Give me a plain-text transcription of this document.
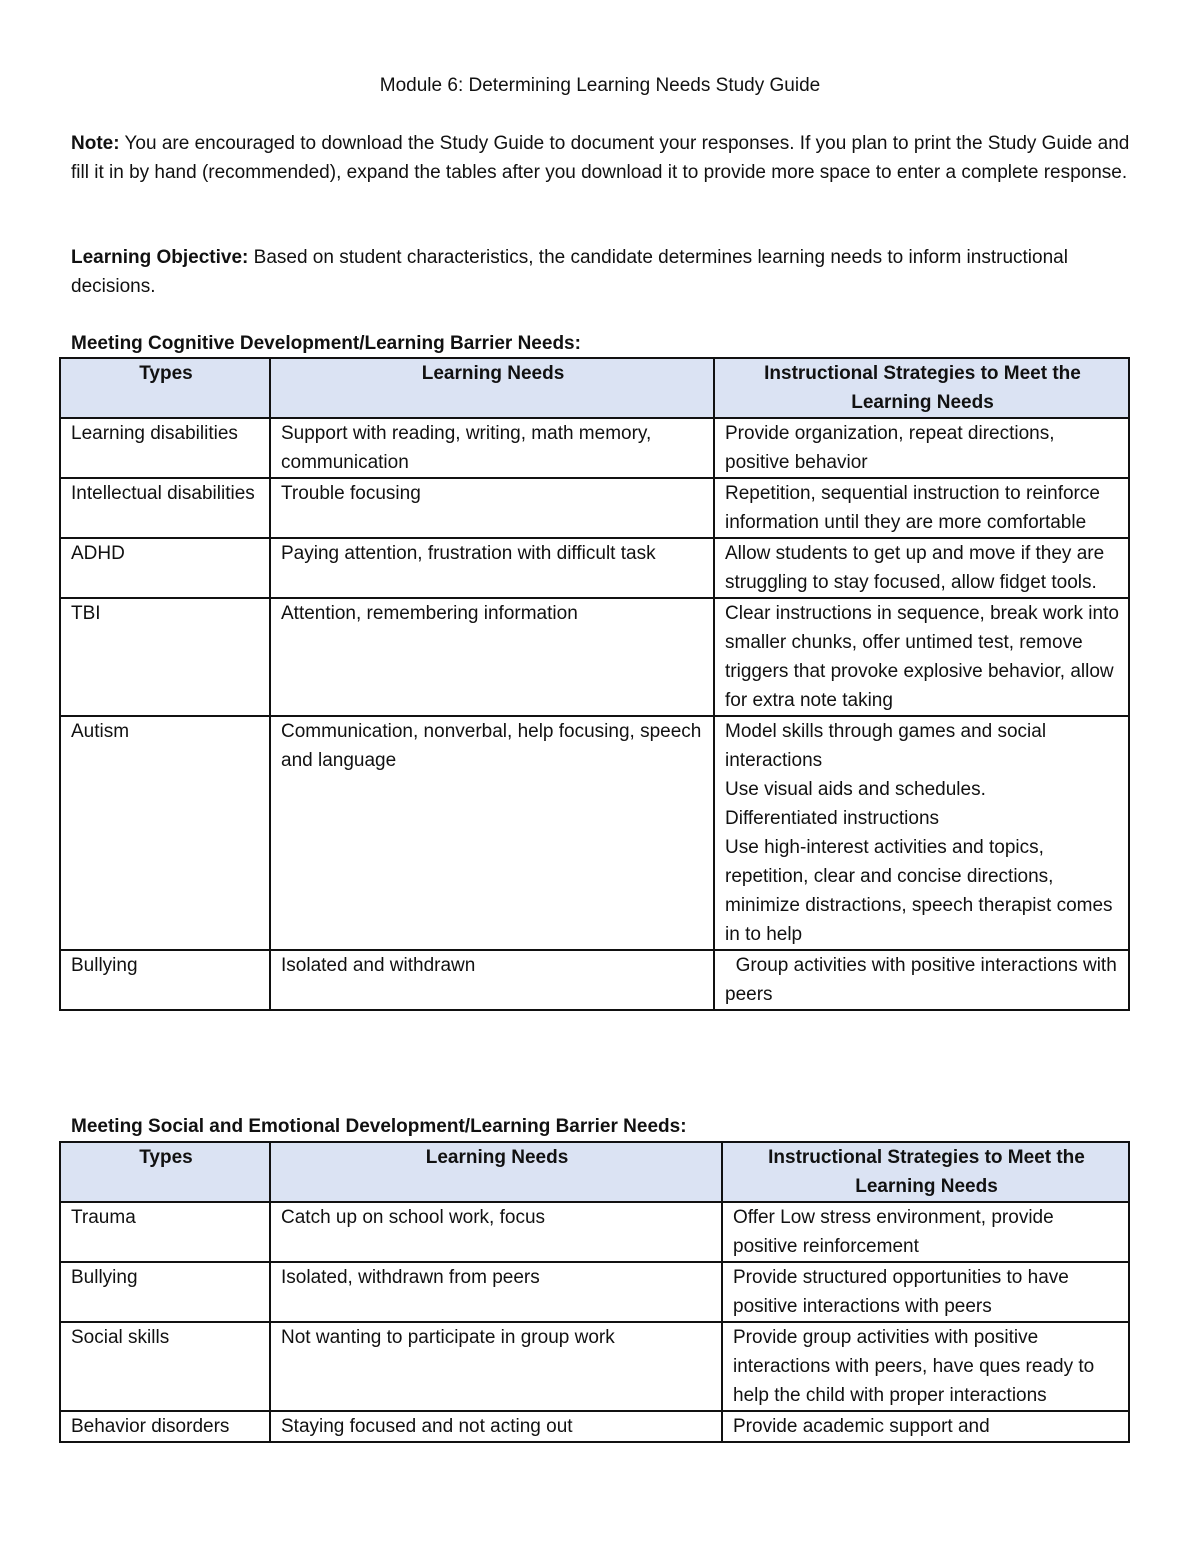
Module 6: Determining Learning Needs Study Guide
Note: You are encouraged to download the Study Guide to document your responses. If you plan to print the Study Guide and fill it in by hand (recommended), expand the tables after you download it to provide more space to enter a complete response.
Learning Objective: Based on student characteristics, the candidate determines learning needs to inform instructional decisions.
Meeting Cognitive Development/Learning Barrier Needs:
Types	Learning Needs	Instructional Strategies to Meet the Learning Needs
Learning disabilities	Support with reading, writing, math memory, communication	Provide organization, repeat directions, positive behavior

Intellectual disabilities	Trouble focusing	Repetition, sequential instruction to reinforce information until they are more comfortable

ADHD	Paying attention, frustration with difficult task	Allow students to get up and move if they are struggling to stay focused, allow fidget tools.

TBI	Attention, remembering information	Clear instructions in sequence, break work into smaller chunks, offer untimed test, remove triggers that provoke explosive behavior, allow for extra note taking

Autism	Communication, nonverbal, help focusing, speech and language	Model skills through games and social interactions
Use visual aids and schedules.
Differentiated instructions
Use high-interest activities and topics, repetition, clear and concise directions, minimize distractions, speech therapist comes in to help

Bullying	Isolated and withdrawn	Group activities with positive interactions with peers
Meeting Social and Emotional Development/Learning Barrier Needs:
Types	Learning Needs	Instructional Strategies to Meet the Learning Needs
Trauma	Catch up on school work, focus	Offer Low stress environment, provide positive reinforcement

Bullying	Isolated, withdrawn from peers	Provide structured opportunities to have positive interactions with peers

Social skills	Not wanting to participate in group work	Provide group activities with positive interactions with peers, have ques ready to help the child with proper interactions

Behavior disorders	Staying focused and not acting out	Provide academic support and
